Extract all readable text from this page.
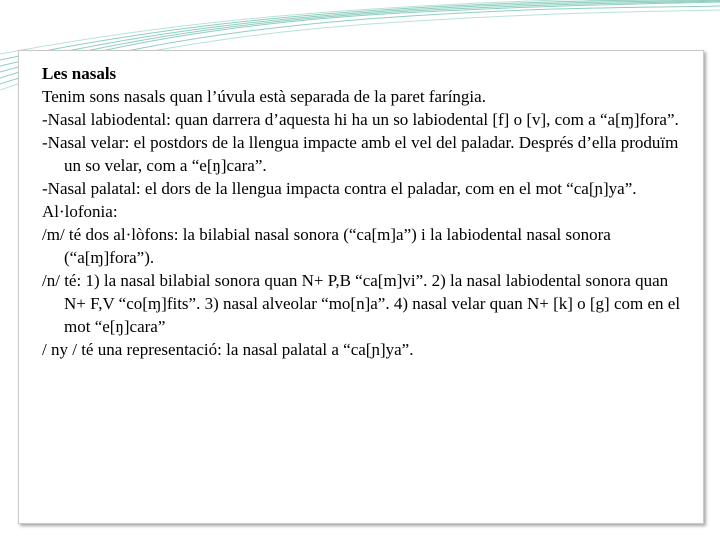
Les nasals

Tenim sons nasals quan l’úvula està separada de la paret faríngia.

-Nasal labiodental: quan darrera d’aquesta hi ha un so labiodental [f] o [v], com a “a[ɱ]fora”.

-Nasal velar: el postdors de la llengua impacte amb el vel del paladar. Després d’ella produïm un so velar, com a “e[ŋ]cara”.

-Nasal palatal: el dors de la llengua impacta contra el paladar, com en el mot “ca[ɲ]ya”.

Al·lofonia:

/m/ té dos al·lòfons: la bilabial nasal sonora (“ca[m]a”) i la labiodental nasal sonora (“a[ɱ]fora”).

/n/ té: 1) la nasal bilabial sonora quan N+ P,B “ca[m]vi”. 2) la nasal labiodental sonora quan N+ F,V “co[ɱ]fits”. 3) nasal alveolar “mo[n]a”. 4) nasal velar quan N+ [k] o [g] com en el mot “e[ŋ]cara”

/ ny / té una representació: la nasal palatal a “ca[ɲ]ya”.
